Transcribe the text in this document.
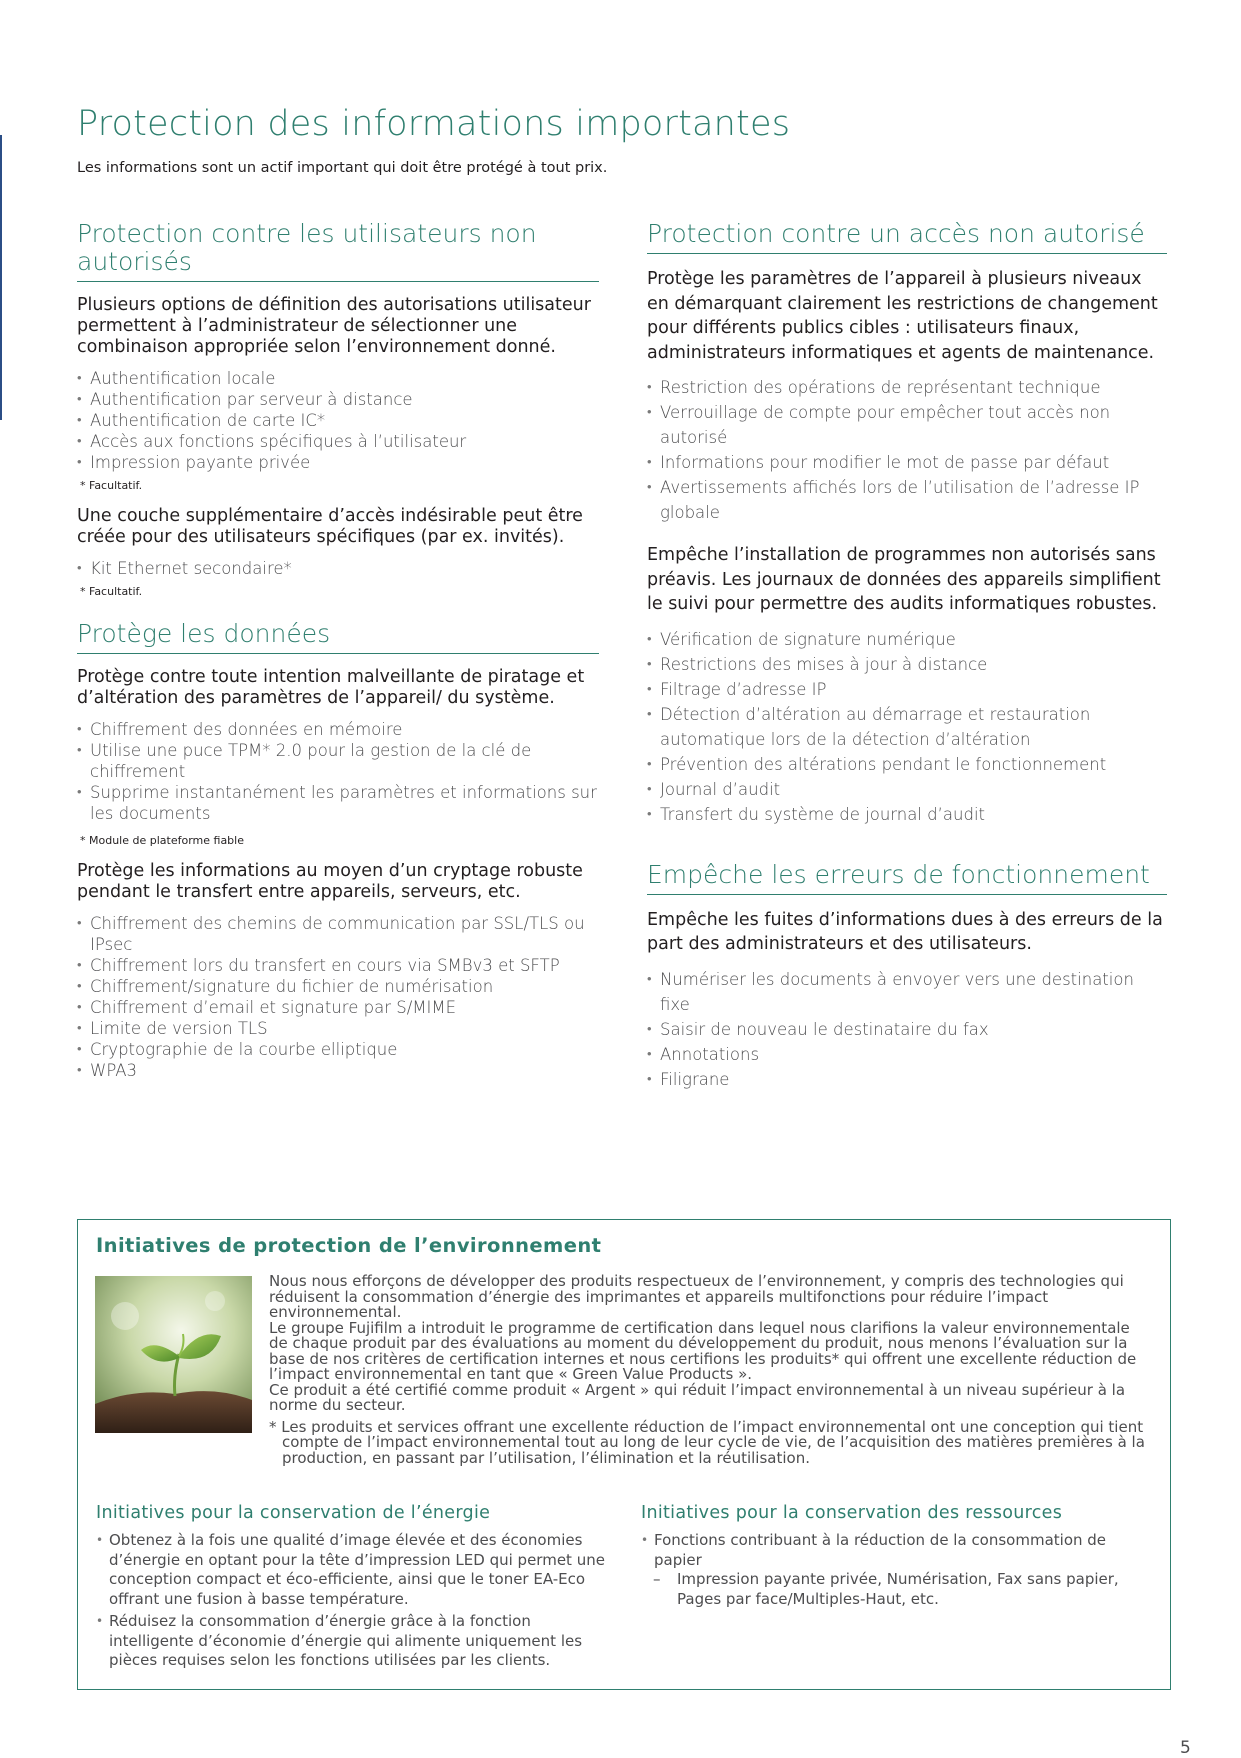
Protection des informations importantes
Les informations sont un actif important qui doit être protégé à tout prix.
Protection contre les utilisateurs non autorisés

Plusieurs options de définition des autorisations utilisateur permettent à l’administrateur de sélectionner une combinaison appropriée selon l’environnement donné.

• Authentification locale
• Authentification par serveur à distance
• Authentification de carte IC*
• Accès aux fonctions spécifiques à l’utilisateur
• Impression payante privée
* Facultatif.

Une couche supplémentaire d’accès indésirable peut être créée pour des utilisateurs spécifiques (par ex. invités).

• Kit Ethernet secondaire*
* Facultatif.
Protège les données

Protège contre toute intention malveillante de piratage et d’altération des paramètres de l’appareil/ du système.

• Chiffrement des données en mémoire
• Utilise une puce TPM* 2.0 pour la gestion de la clé de chiffrement
• Supprime instantanément les paramètres et informations sur les documents
* Module de plateforme fiable

Protège les informations au moyen d’un cryptage robuste pendant le transfert entre appareils, serveurs, etc.

• Chiffrement des chemins de communication par SSL/TLS ou IPsec
• Chiffrement lors du transfert en cours via SMBv3 et SFTP
• Chiffrement/signature du fichier de numérisation
• Chiffrement d’email et signature par S/MIME
• Limite de version TLS
• Cryptographie de la courbe elliptique
• WPA3
Protection contre un accès non autorisé

Protège les paramètres de l’appareil à plusieurs niveaux en démarquant clairement les restrictions de changement pour différents publics cibles : utilisateurs finaux, administrateurs informatiques et agents de maintenance.

• Restriction des opérations de représentant technique
• Verrouillage de compte pour empêcher tout accès non autorisé
• Informations pour modifier le mot de passe par défaut
• Avertissements affichés lors de l’utilisation de l’adresse IP globale

Empêche l’installation de programmes non autorisés sans préavis. Les journaux de données des appareils simplifient le suivi pour permettre des audits informatiques robustes.

• Vérification de signature numérique
• Restrictions des mises à jour à distance
• Filtrage d’adresse IP
• Détection d’altération au démarrage et restauration automatique lors de la détection d’altération
• Prévention des altérations pendant le fonctionnement
• Journal d’audit
• Transfert du système de journal d’audit
Empêche les erreurs de fonctionnement

Empêche les fuites d’informations dues à des erreurs de la part des administrateurs et des utilisateurs.

• Numériser les documents à envoyer vers une destination fixe
• Saisir de nouveau le destinataire du fax
• Annotations
• Filigrane
Initiatives de protection de l’environnement

Nous nous efforçons de développer des produits respectueux de l’environnement, y compris des technologies qui réduisent la consommation d’énergie des imprimantes et appareils multifonctions pour réduire l’impact environnemental.

Le groupe Fujifilm a introduit le programme de certification dans lequel nous clarifions la valeur environnementale de chaque produit par des évaluations au moment du développement du produit, nous menons l’évaluation sur la base de nos critères de certification internes et nous certifions les produits* qui offrent une excellente réduction de l’impact environnemental en tant que « Green Value Products ».

Ce produit a été certifié comme produit « Argent » qui réduit l’impact environnemental à un niveau supérieur à la norme du secteur.

* Les produits et services offrant une excellente réduction de l’impact environnemental ont une conception qui tient compte de l’impact environnemental tout au long de leur cycle de vie, de l’acquisition des matières premières à la production, en passant par l’utilisation, l’élimination et la réutilisation.

Initiatives pour la conservation de l’énergie
• Obtenez à la fois une qualité d’image élevée et des économies d’énergie en optant pour la tête d’impression LED qui permet une conception compact et éco-efficiente, ainsi que le toner EA-Eco offrant une fusion à basse température.
• Réduisez la consommation d’énergie grâce à la fonction intelligente d’économie d’énergie qui alimente uniquement les pièces requises selon les fonctions utilisées par les clients.
Initiatives pour la conservation des ressources
• Fonctions contribuant à la réduction de la consommation de papier
– Impression payante privée, Numérisation, Fax sans papier, Pages par face/Multiples-Haut, etc.
5
